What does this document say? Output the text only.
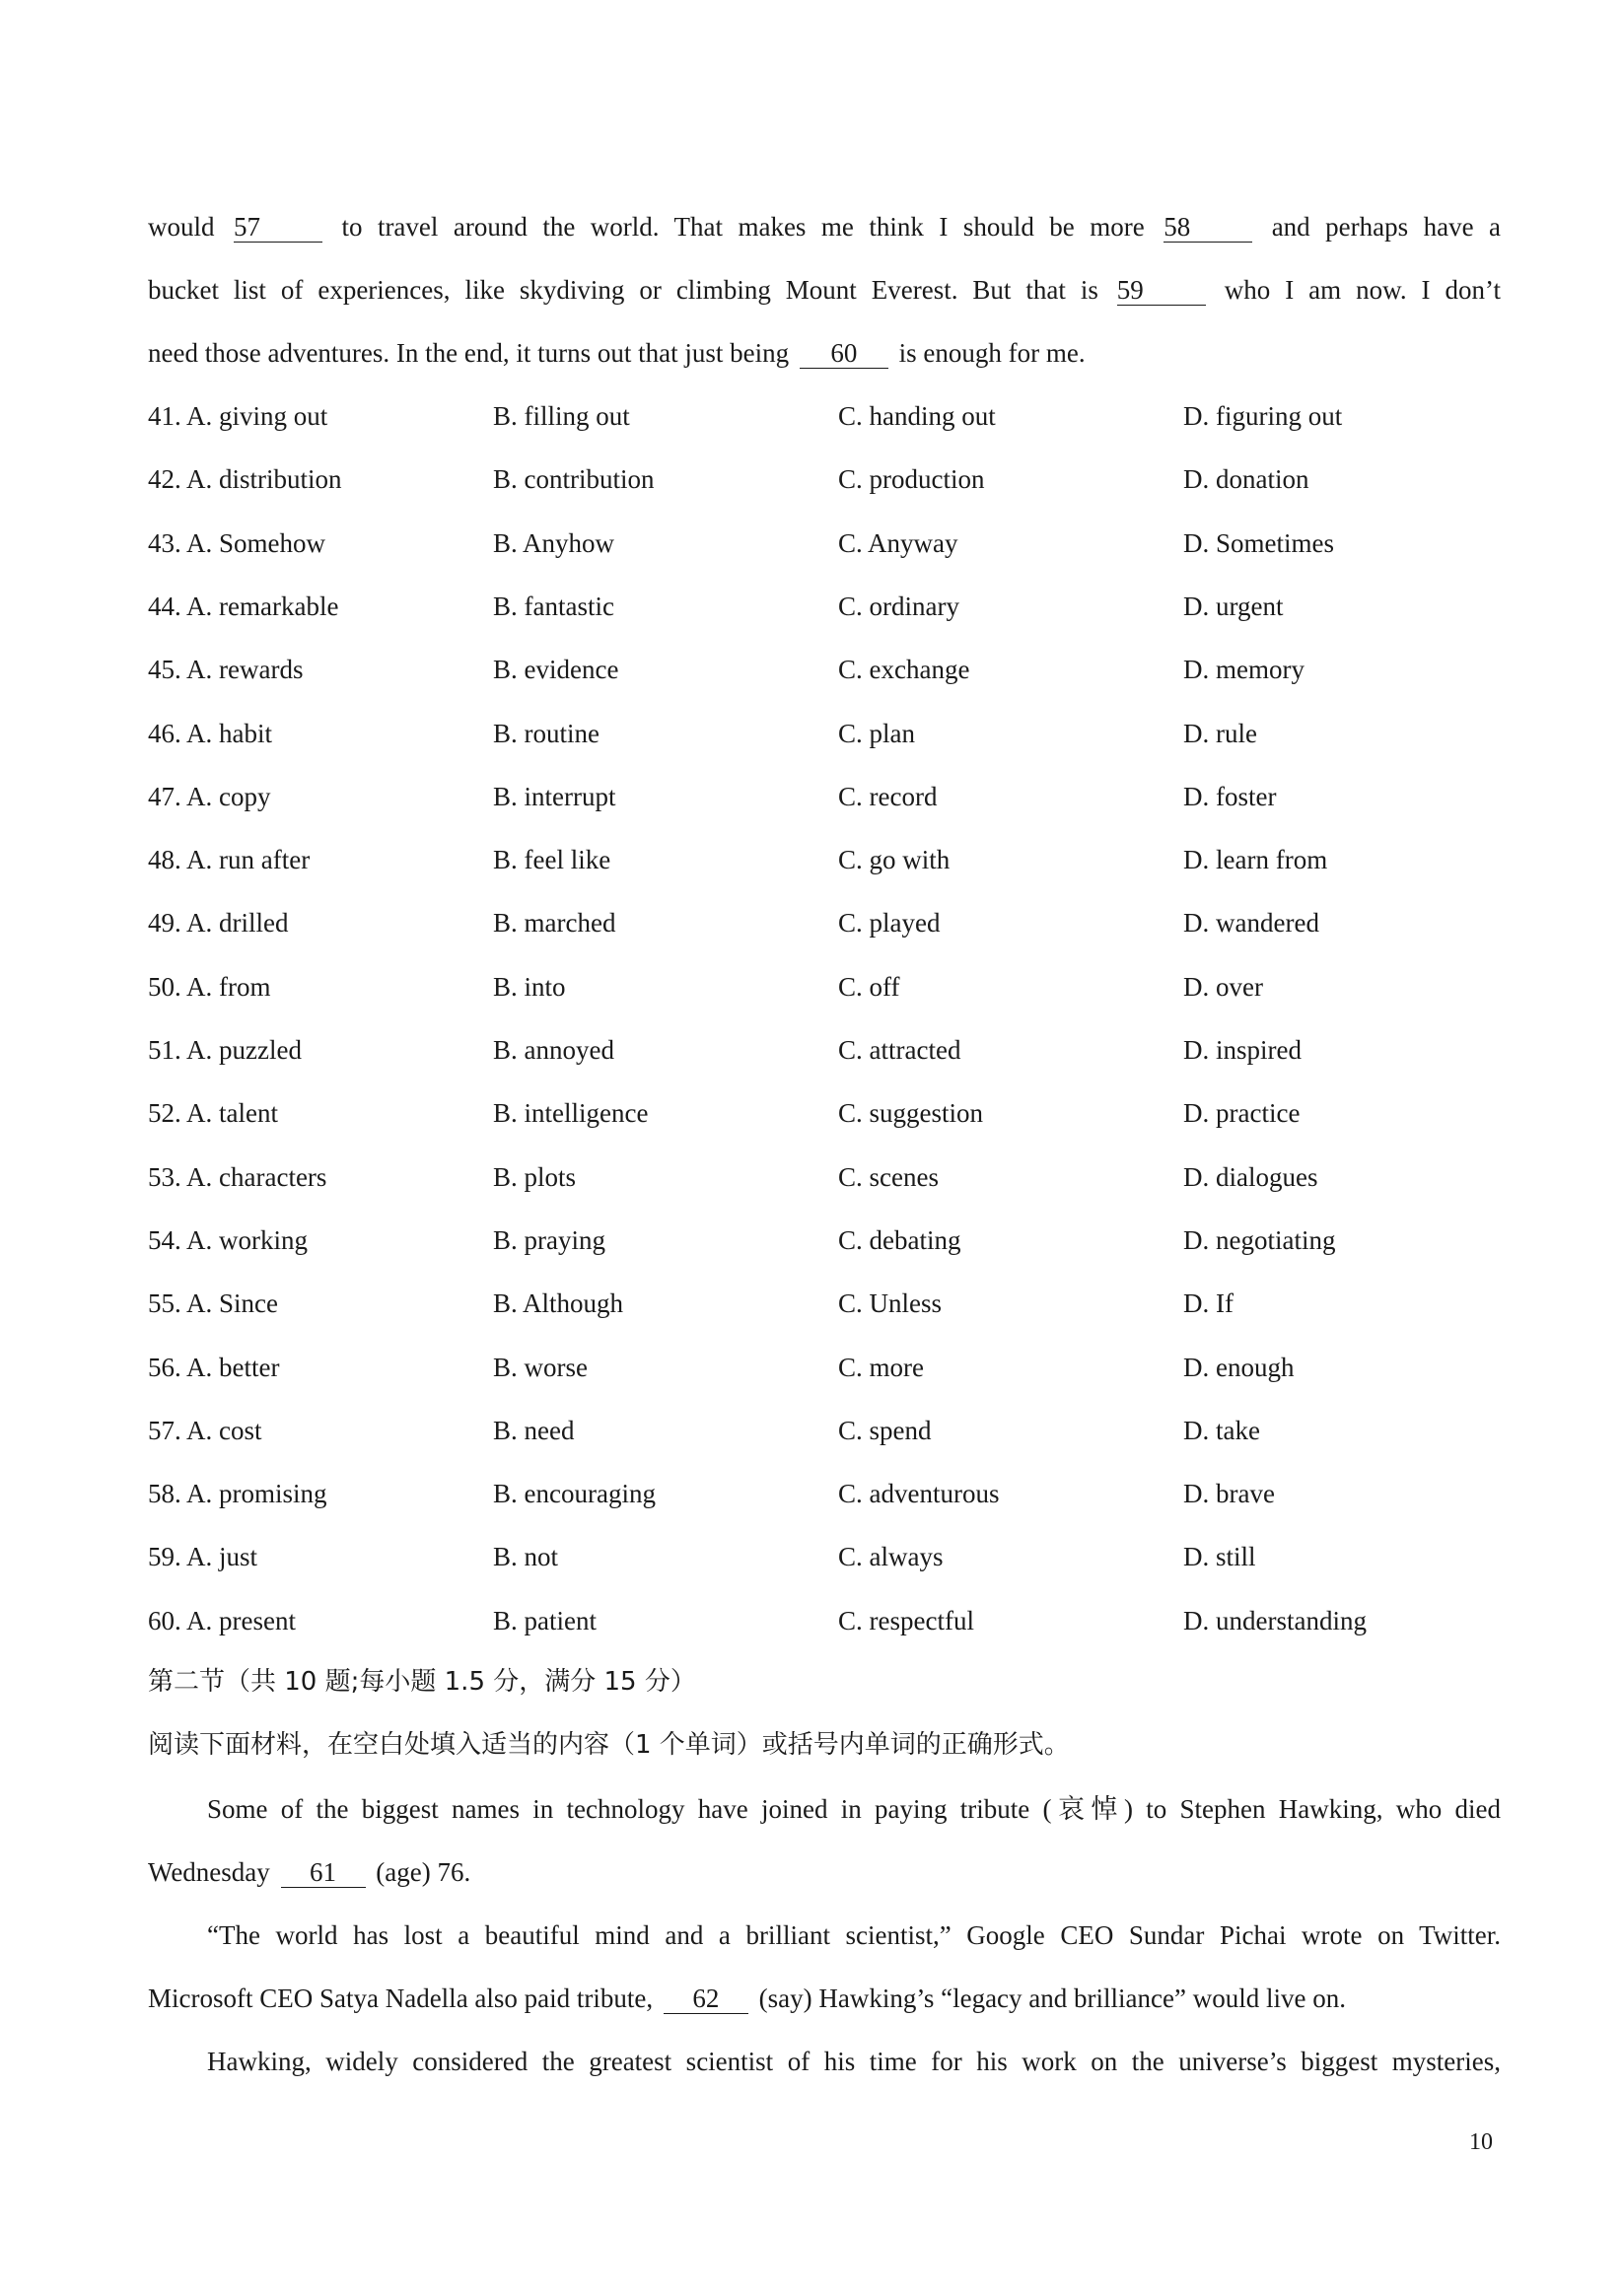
would 57	to travel around the world. That makes me think I should be more 58	and perhaps have a
bucket list of experiences, like skydiving or climbing Mount Everest. But that is 59	who I am now. I don’t
need those adventures. In the end, it turns out that just being 60 is enough for me.
41. A. giving out	B. filling out	C. handing out	D. figuring out
42. A. distribution	B. contribution	C. production	D. donation
43. A. Somehow	B. Anyhow	C. Anyway	D. Sometimes
44. A. remarkable	B. fantastic	C. ordinary	D. urgent
45. A. rewards	B. evidence	C. exchange	D. memory
46. A. habit	B. routine	C. plan	D. rule
47. A. copy	B. interrupt	C. record	D. foster
48. A. run after	B. feel like	C. go with	D. learn from
49. A. drilled	B. marched	C. played	D. wandered
50. A. from	B. into	C. off	D. over
51. A. puzzled	B. annoyed	C. attracted	D. inspired
52. A. talent	B. intelligence	C. suggestion	D. practice
53. A. characters	B. plots	C. scenes	D. dialogues
54. A. working	B. praying	C. debating	D. negotiating
55. A. Since	B. Although	C. Unless	D. If
56. A. better	B. worse	C. more	D. enough
57. A. cost	B. need	C. spend	D. take
58. A. promising	B. encouraging	C. adventurous	D. brave
59. A. just	B. not	C. always	D. still
60. A. present	B. patient	C. respectful	D. understanding
第二节（共 10 题;每小题 1.5 分，满分 15 分）
阅读下面材料，在空白处填入适当的内容（1 个单词）或括号内单词的正确形式。
Some of the biggest names in technology have joined in paying tribute (哀悼) to Stephen Hawking, who died
Wednesday 61 (age) 76.
“The world has lost a beautiful mind and a brilliant scientist,” Google CEO Sundar Pichai wrote on Twitter.
Microsoft CEO Satya Nadella also paid tribute, 62 (say) Hawking’s “legacy and brilliance” would live on.
Hawking, widely considered the greatest scientist of his time for his work on the universe’s biggest mysteries,
10
